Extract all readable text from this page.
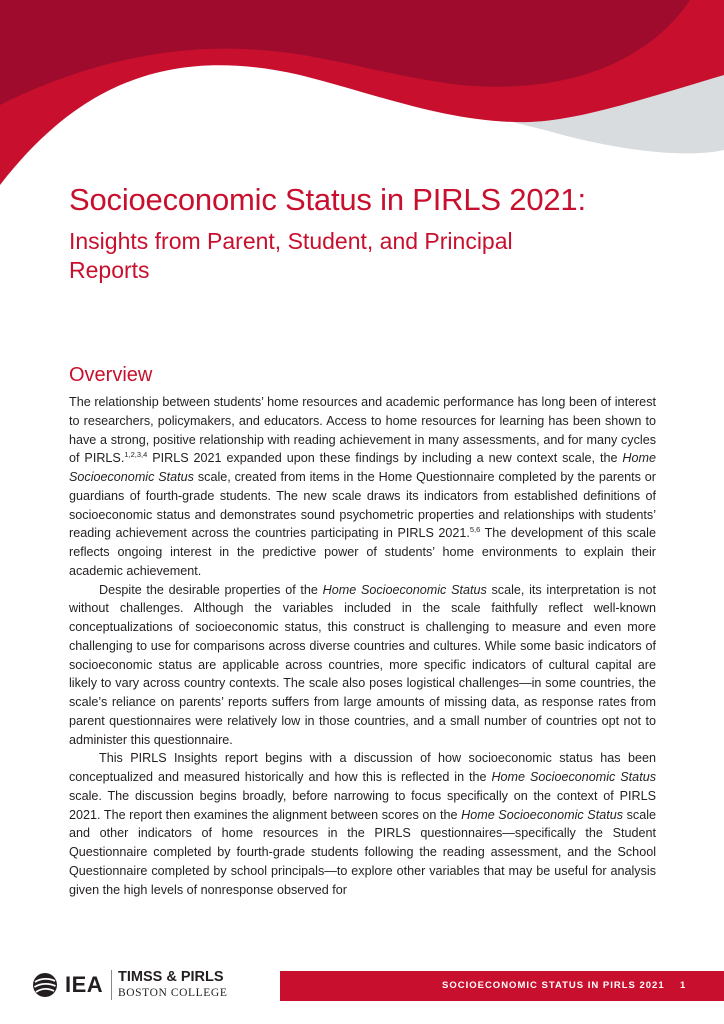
Socioeconomic Status in PIRLS 2021:
Insights from Parent, Student, and Principal
Reports
Overview

The relationship between students’ home resources and academic performance has long been of interest to researchers, policymakers, and educators. Access to home resources for learning has been shown to have a strong, positive relationship with reading achievement in many assessments, and for many cycles of PIRLS.$^{1,2,3,4}$ PIRLS 2021 expanded upon these findings by including a new context scale, the Home Socioeconomic Status scale, created from items in the Home Questionnaire completed by the parents or guardians of fourth-grade students. The new scale draws its indicators from established definitions of socioeconomic status and demonstrates sound psychometric properties and relationships with students’ reading achievement across the countries participating in PIRLS 2021.$^{5,6}$ The development of this scale reflects ongoing interest in the predictive power of students’ home environments to explain their academic achievement.

Despite the desirable properties of the Home Socioeconomic Status scale, its interpretation is not without challenges. Although the variables included in the scale faithfully reflect well-known conceptualizations of socioeconomic status, this construct is challenging to measure and even more challenging to use for comparisons across diverse countries and cultures. While some basic indicators of socioeconomic status are applicable across countries, more specific indicators of cultural capital are likely to vary across country contexts. The scale also poses logistical challenges—in some countries, the scale’s reliance on parents’ reports suffers from large amounts of missing data, as response rates from parent questionnaires were relatively low in those countries, and a small number of countries opt not to administer this questionnaire.

This PIRLS Insights report begins with a discussion of how socioeconomic status has been conceptualized and measured historically and how this is reflected in the Home Socioeconomic Status scale. The discussion begins broadly, before narrowing to focus specifically on the context of PIRLS 2021. The report then examines the alignment between scores on the Home Socioeconomic Status scale and other indicators of home resources in the PIRLS questionnaires—specifically the Student Questionnaire completed by fourth-grade students following the reading assessment, and the School Questionnaire completed by school principals—to explore other variables that may be useful for analysis given the high levels of nonresponse observed for

IEA TIMSS & PIRLS
BOSTON COLLEGE
SOCIOECONOMIC STATUS IN PIRLS 2021 1
